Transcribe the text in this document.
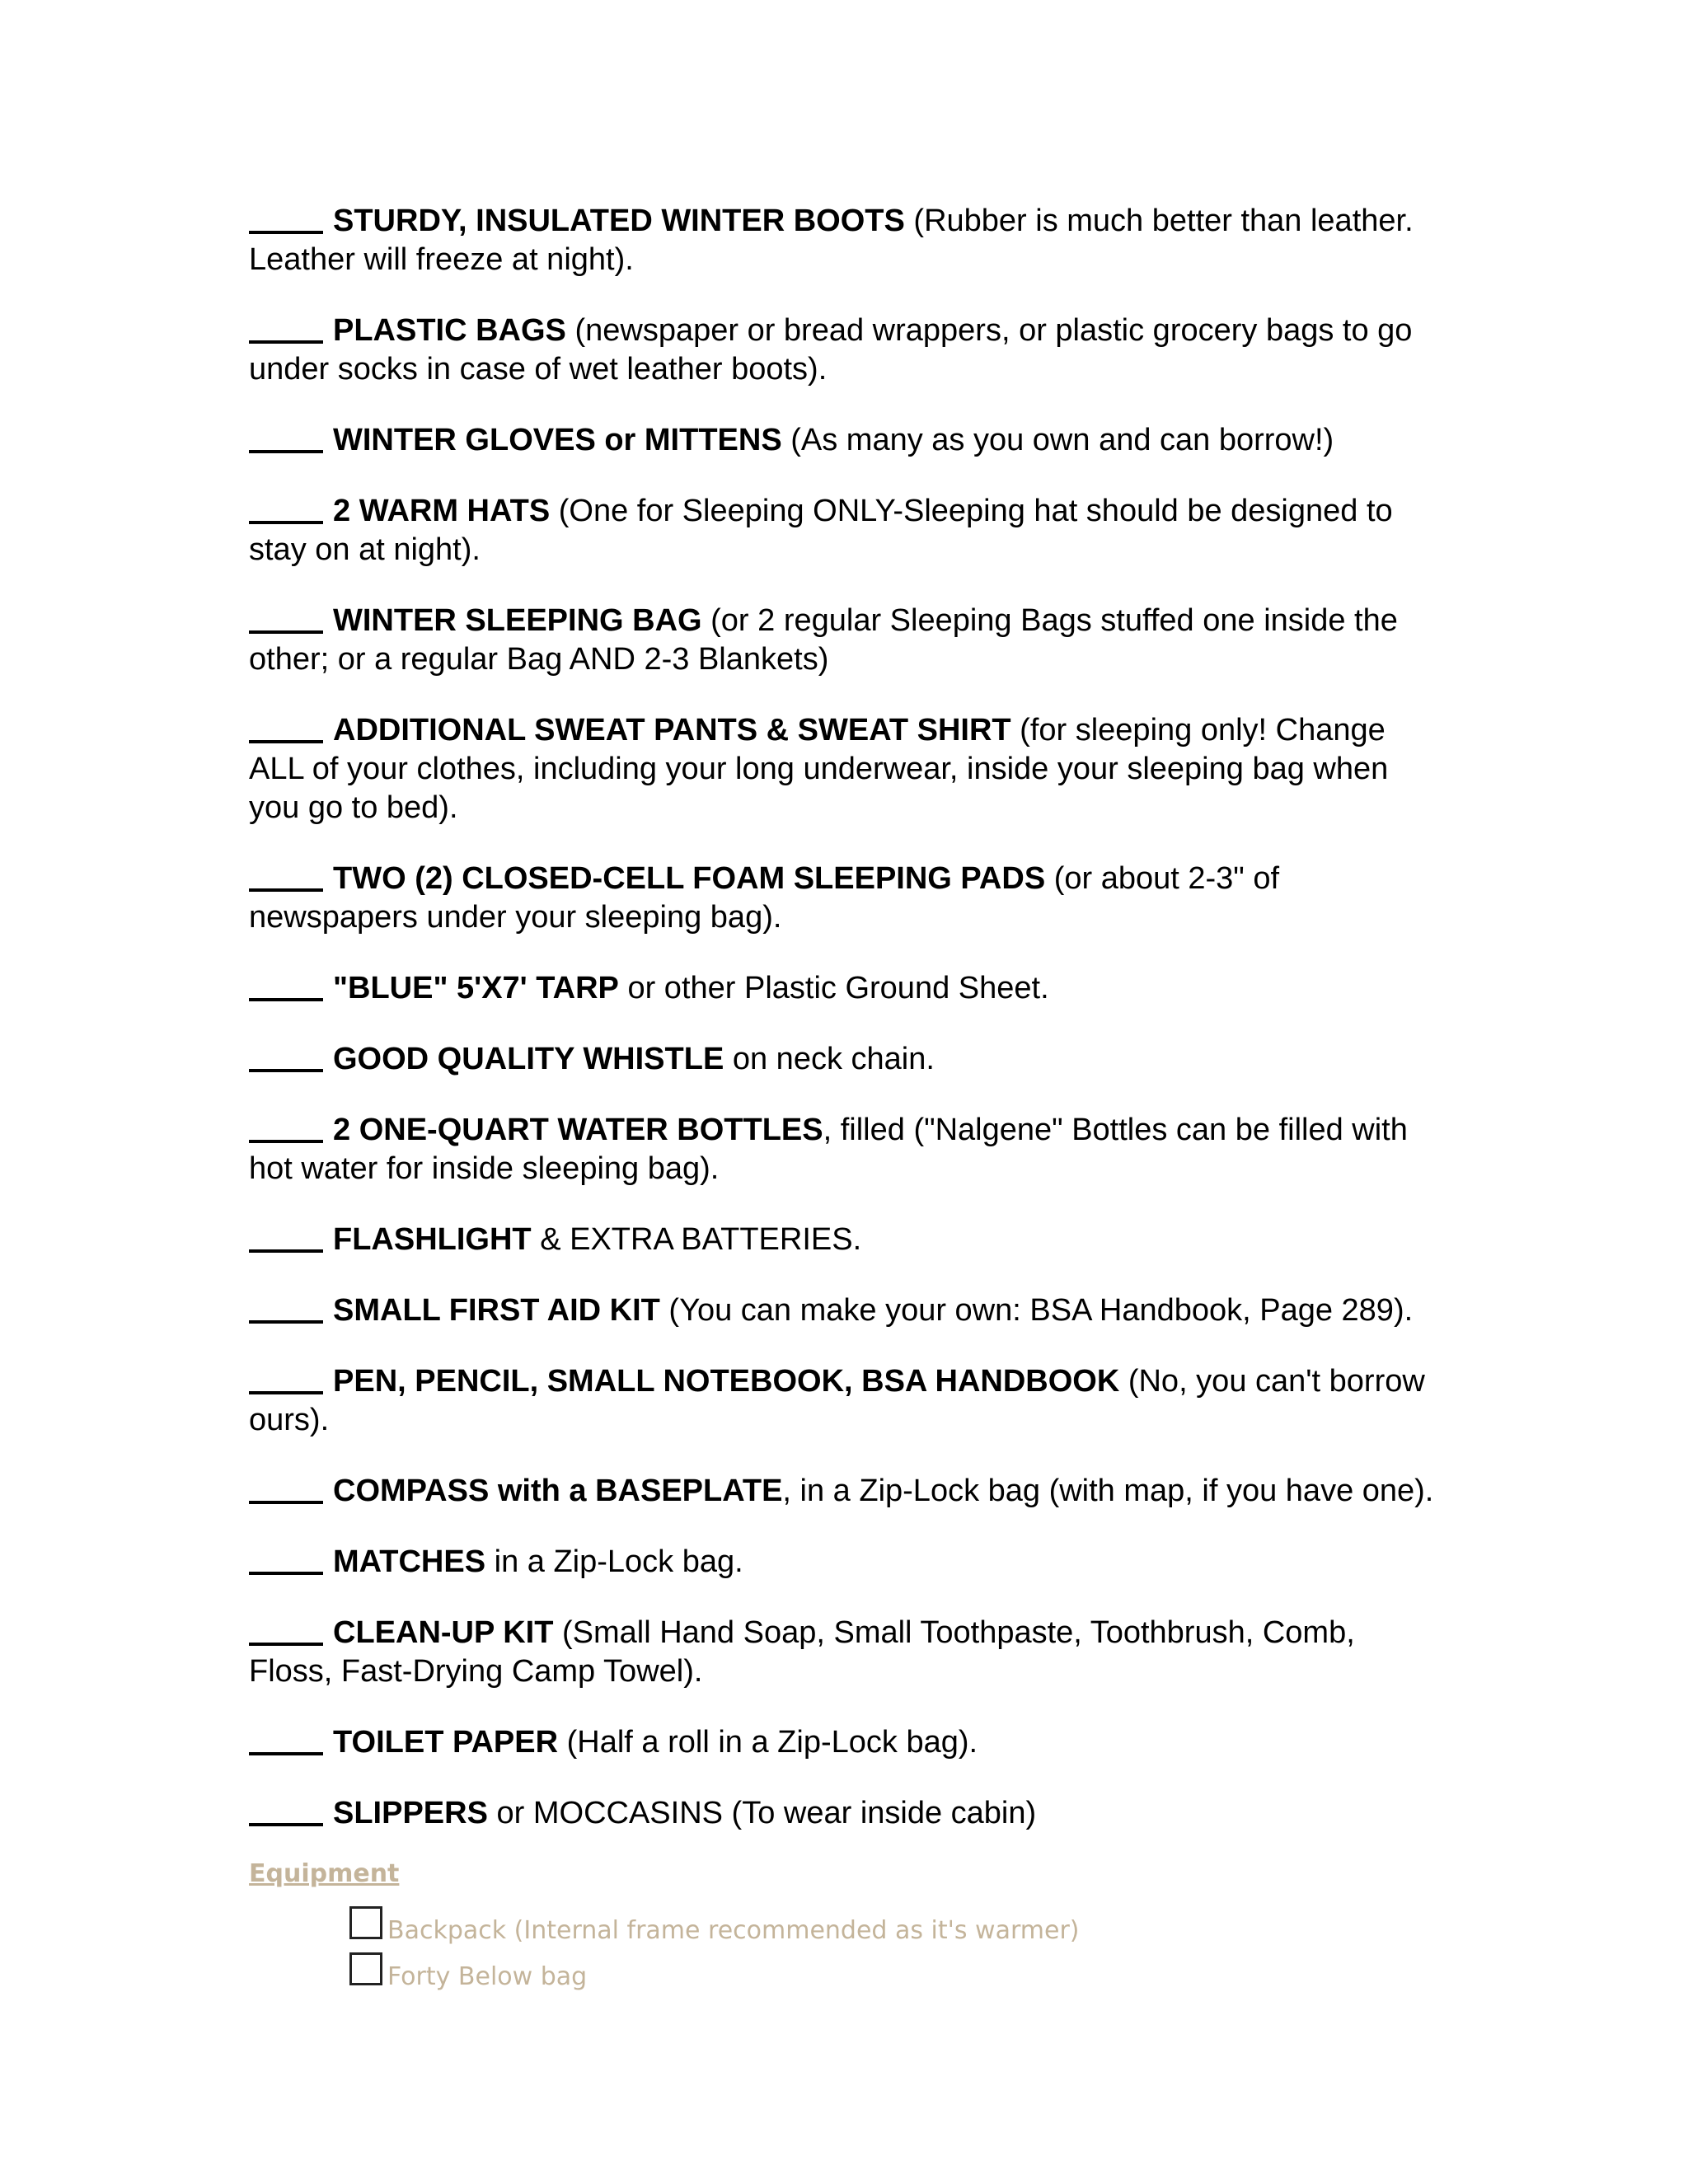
STURDY, INSULATED WINTER BOOTS (Rubber is much better than leather. Leather will freeze at night).
PLASTIC BAGS (newspaper or bread wrappers, or plastic grocery bags to go under socks in case of wet leather boots).
WINTER GLOVES or MITTENS (As many as you own and can borrow!)
2 WARM HATS (One for Sleeping ONLY-Sleeping hat should be designed to stay on at night).
WINTER SLEEPING BAG (or 2 regular Sleeping Bags stuffed one inside the other; or a regular Bag AND 2-3 Blankets)
ADDITIONAL SWEAT PANTS & SWEAT SHIRT (for sleeping only! Change ALL of your clothes, including your long underwear, inside your sleeping bag when you go to bed).
TWO (2) CLOSED-CELL FOAM SLEEPING PADS (or about 2-3" of newspapers under your sleeping bag).
"BLUE" 5'X7' TARP or other Plastic Ground Sheet.
GOOD QUALITY WHISTLE on neck chain.
2 ONE-QUART WATER BOTTLES, filled ("Nalgene" Bottles can be filled with hot water for inside sleeping bag).
FLASHLIGHT & EXTRA BATTERIES.
SMALL FIRST AID KIT (You can make your own: BSA Handbook, Page 289).
PEN, PENCIL, SMALL NOTEBOOK, BSA HANDBOOK (No, you can't borrow ours).
COMPASS with a BASEPLATE, in a Zip-Lock bag (with map, if you have one).
MATCHES in a Zip-Lock bag.
CLEAN-UP KIT (Small Hand Soap, Small Toothpaste, Toothbrush, Comb, Floss, Fast-Drying Camp Towel).
TOILET PAPER (Half a roll in a Zip-Lock bag).
SLIPPERS or MOCCASINS (To wear inside cabin)
Equipment
Backpack (Internal frame recommended as it's warmer)
Forty Below bag
